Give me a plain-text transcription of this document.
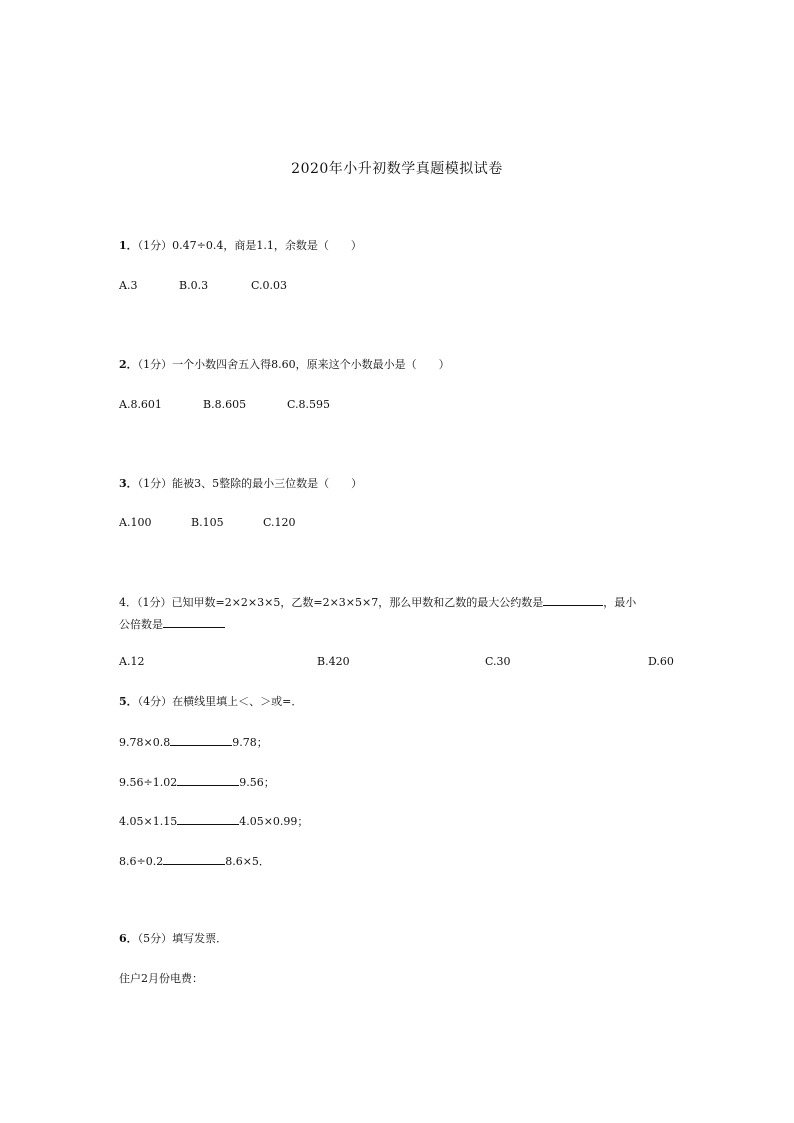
2020年小升初数学真题模拟试卷
1．（1分）0.47÷0.4，商是1.1，余数是（　　）
A.3	B.0.3	C.0.03
2．（1分）一个小数四舍五入得8.60，原来这个小数最小是（　　）
A.8.601	B.8.605	C.8.595
3．（1分）能被3、5整除的最小三位数是（　　）
A.100	B.105	C.120
4．（1分）已知甲数=2×2×3×5，乙数=2×3×5×7，那么甲数和乙数的最大公约数是	，最小
公倍数是
A.12	B.420	C.30	D.60
5．（4分）在横线里填上＜、＞或=．
9.78×0.8	9.78；
9.56÷1.02	9.56；
4.05×1.15	4.05×0.99；
8.6÷0.2	8.6×5．
6．（5分）填写发票．
住户2月份电费：
